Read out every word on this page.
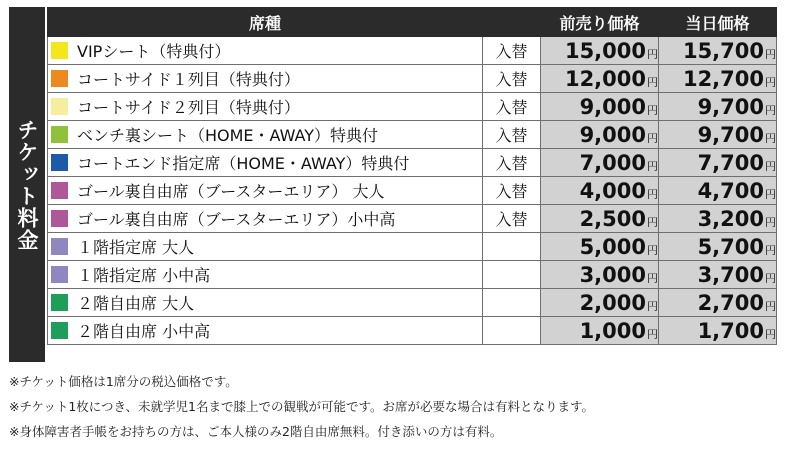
チケット料金
席種		前売り価格	当日価格

VIPシート（特典付）	入替	15,000円	15,700円

コートサイド１列目（特典付）	入替	12,000円	12,700円

コートサイド２列目（特典付）	入替	9,000円	9,700円

ベンチ裏シート（HOME・AWAY）特典付	入替	9,000円	9,700円

コートエンド指定席（HOME・AWAY）特典付	入替	7,000円	7,700円

ゴール裏自由席（ブースターエリア） 大人	入替	4,000円	4,700円

ゴール裏自由席（ブースターエリア）小中高	入替	2,500円	3,200円

１階指定席 大人		5,000円	5,700円

１階指定席 小中高		3,000円	3,700円

２階自由席 大人		2,000円	2,700円

２階自由席 小中高		1,000円	1,700円
※チケット価格は1席分の税込価格です。
※チケット1枚につき、未就学児1名まで膝上での観戦が可能です。お席が必要な場合は有料となります。
※身体障害者手帳をお持ちの方は、ご本人様のみ2階自由席無料。付き添いの方は有料。
